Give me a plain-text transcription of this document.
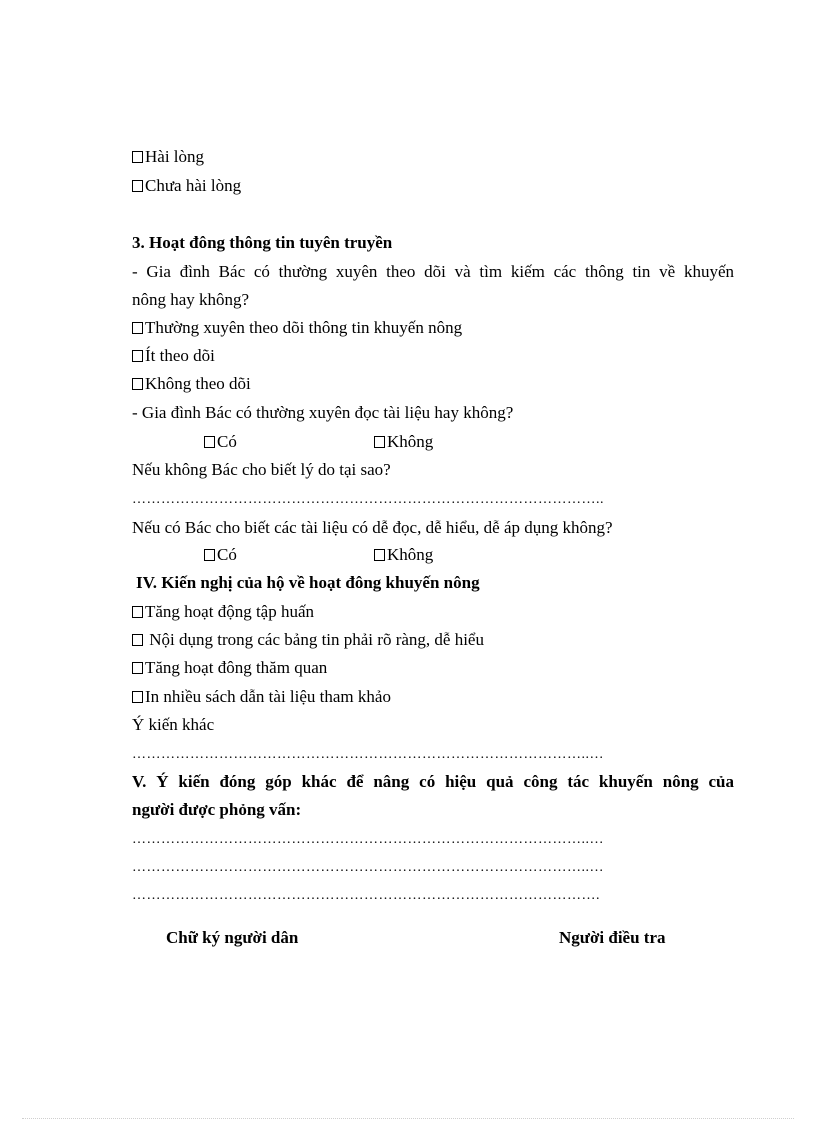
Hài lòng
Chưa hài lòng
3. Hoạt đông thông tin tuyên truyền
- Gia đình Bác có thường xuyên theo dõi và tìm kiếm các thông tin về khuyến
nông hay không?
Thường xuyên theo dõi thông tin khuyến nông
Ít theo dõi
Không theo dõi
- Gia đình Bác có thường xuyên đọc tài liệu hay không?
Có	Không
Nếu không Bác cho biết lý do tại sao?
……………………………………………………………………………………..
Nếu có Bác cho biết các tài liệu có dễ đọc, dễ hiểu, dễ áp dụng không?
Có	Không
IV. Kiến nghị của hộ về hoạt đông khuyến nông
Tăng hoạt động tập huấn
Nội dụng trong các bảng tin phải rõ ràng, dễ hiểu
Tăng hoạt đông thăm quan
In nhiều sách dẫn tài liệu tham khảo
Ý kiến khác
…………………………………………………………………………………..…
V. Ý kiến đóng góp khác để nâng có hiệu quả công tác khuyến nông của
người được phỏng vấn:
…………………………………………………………………………………..…
…………………………………………………………………………………..…
…………………………………………………………………………………….
Chữ ký người dân	Người điều tra
